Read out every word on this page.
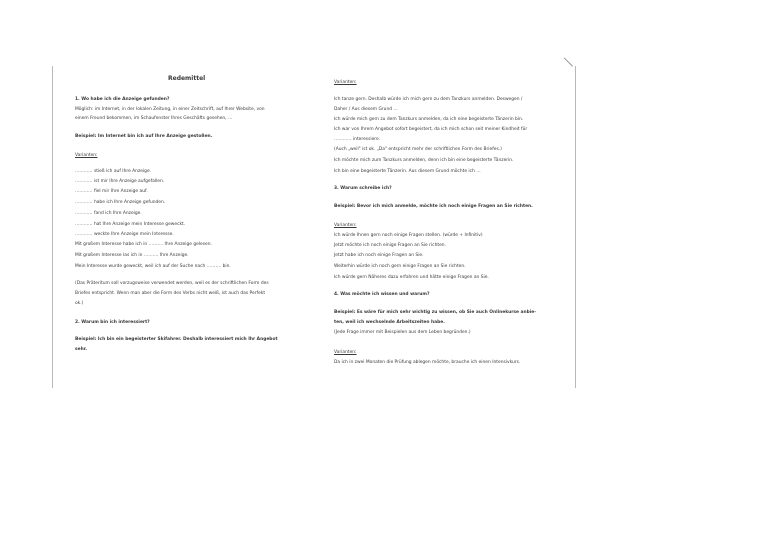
Redemittel
1. Wo habe ich die Anzeige gefunden?
Möglich: im Internet, in der lokalen Zeitung, in einer Zeitschrift, auf Ihrer Website, von
einem Freund bekommen, im Schaufenster Ihres Geschäfts gesehen, …
Beispiel: Im Internet bin ich auf Ihre Anzeige gestoßen.
Varianten:
………… stieß ich auf Ihre Anzeige.
………… ist mir Ihre Anzeige aufgefallen.
………… fiel mir Ihre Anzeige auf.
………… habe ich Ihre Anzeige gefunden.
………… fand ich Ihre Anzeige.
………… hat Ihre Anzeige mein Interesse geweckt.
………… weckte Ihre Anzeige mein Interesse.
Mit großem Interesse habe ich in ………. Ihre Anzeige gelesen.
Mit großem Interesse las ich in ………. Ihre Anzeige.
Mein Interesse wurde geweckt, weil ich auf der Suche nach ………. bin.
(Das Präteritum soll vorzugsweise verwendet werden, weil es der schriftlichen Form des
Briefes entspricht. Wenn man aber die Form des Verbs nicht weiß, ist auch das Perfekt
ok.)
2. Warum bin ich interessiert?
Beispiel: Ich bin ein begeisterter Skifahrer. Deshalb interessiert mich Ihr Angebot
sehr.
Varianten:
Ich tanze gern. Deshalb würde ich mich gern zu dem Tanzkurs anmelden. Deswegen /
Daher / Aus diesem Grund …
Ich würde mich gern zu dem Tanzkurs anmelden, da ich eine begeisterte Tänzerin bin.
Ich war von Ihrem Angebot sofort begeistert, da ich mich schon seit meiner Kindheit für
………… interessiere.
(Auch „weil" ist ok. „Da" entspricht mehr der schriftlichen Form des Briefes.)
Ich möchte mich zum Tanzkurs anmelden, denn ich bin eine begeisterte Tänzerin.
Ich bin eine begeisterte Tänzerin. Aus diesem Grund möchte ich …
3. Warum schreibe ich?
Beispiel: Bevor ich mich anmelde, möchte ich noch einige Fragen an Sie richten.
Varianten:
Ich würde Ihnen gern noch einige Fragen stellen. (würde + Infinitiv)
Jetzt möchte ich noch einige Fragen an Sie richten.
Jetzt habe ich noch einige Fragen an Sie.
Weiterhin würde ich noch gern einige Fragen an Sie richten.
Ich würde gern Näheres dazu erfahren und hätte einige Fragen an Sie.
4. Was möchte ich wissen und warum?
Beispiel: Es wäre für mich sehr wichtig zu wissen, ob Sie auch Onlinekurse anbie-
ten, weil ich wechselnde Arbeitszeiten habe.
(Jede Frage immer mit Beispielen aus dem Leben begründen.)
Varianten:
Da ich in zwei Monaten die Prüfung ablegen möchte, brauche ich einen Intensivkurs.
